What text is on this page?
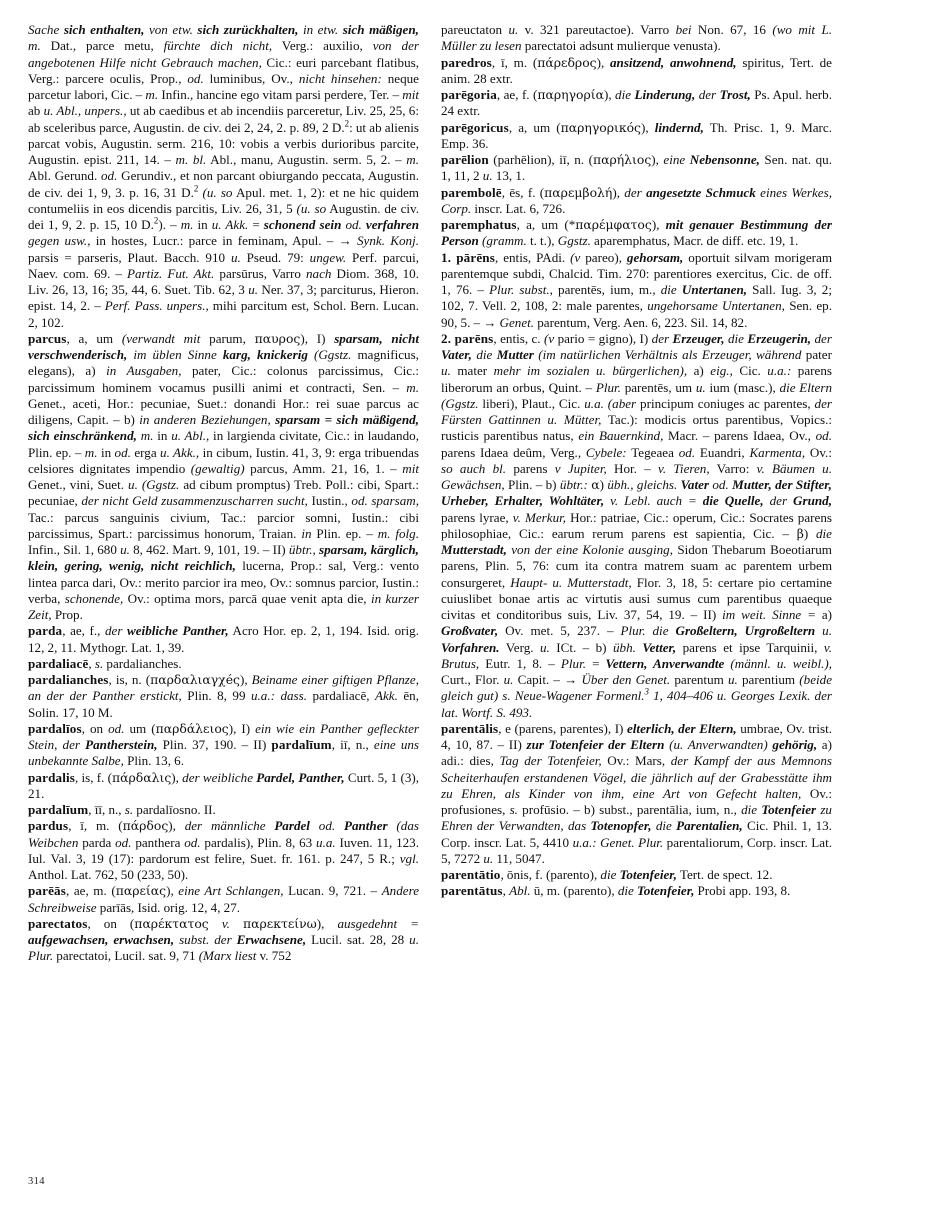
Sache sich enthalten, von etw. sich zurückhalten, in etw. sich mäßigen, m. Dat., parce metu, fürchte dich nicht, Verg.: auxilio, von der angebotenen Hilfe nicht Gebrauch machen, Cic.: euri parcebant flatibus, Verg.: parcere oculis, Prop., od. luminibus, Ov., nicht hinsehen: neque parcetur labori, Cic. – m. Infin., hancine ego vitam parsi perdere, Ter. – mit ab u. Abl., unpers., ut ab caedibus et ab incendiis parceretur, Liv. 25, 25, 6: ab sceleribus parce, Augustin. de civ. dei 2, 24, 2. p. 89, 2 D.$^2$: ut ab alienis parcat vobis, Augustin. serm. 216, 10: vobis a verbis durioribus parcite, Augustin. epist. 211, 14. – m. bl. Abl., manu, Augustin. serm. 5, 2. – m. Abl. Gerund. od. Gerundiv., et non parcant obiurgando peccata, Augustin. de civ. dei 1, 9, 3. p. 16, 31 D.$^2$ (u. so Apul. met. 1, 2): et ne hic quidem contumeliis in eos dicendis parcitis, Liv. 26, 31, 5 (u. so Augustin. de civ. dei 1, 9, 2. p. 15, 10 D.$^2$). – m. in u. Akk. = schonend sein od. verfahren gegen usw., in hostes, Lucr.: parce in feminam, Apul. – → Synk. Konj. parsis = parseris, Plaut. Bacch. 910 u. Pseud. 79: ungew. Perf. parcui, Naev. com. 69. – Partiz. Fut. Akt. parsūrus, Varro nach Diom. 368, 10. Liv. 26, 13, 16; 35, 44, 6. Suet. Tib. 62, 3 u. Ner. 37, 3; parciturus, Hieron. epist. 14, 2. – Perf. Pass. unpers., mihi parcitum est, Schol. Bern. Lucan. 2, 102.

parcus, a, um (verwandt mit parum, παυρος), I) sparsam, nicht verschwenderisch, im üblen Sinne karg, knickerig (Ggstz. magnificus, elegans), a) in Ausgaben, pater, Cic.: colonus parcissimus, Cic.: parcissimum hominem vocamus pusilli animi et contracti, Sen. – m. Genet., aceti, Hor.: pecuniae, Suet.: donandi Hor.: rei suae parcus ac diligens, Capit. – b) in anderen Beziehungen, sparsam = sich mäßigend, sich einschränkend, m. in u. Abl., in largienda civitate, Cic.: in laudando, Plin. ep. – m. in od. erga u. Akk., in cibum, Iustin. 41, 3, 9: erga tribuendas celsiores dignitates impendio (gewaltig) parcus, Amm. 21, 16, 1. – mit Genet., vini, Suet. u. (Ggstz. ad cibum promptus) Treb. Poll.: cibi, Spart.: pecuniae, der nicht Geld zusammenzuscharren sucht, Iustin., od. sparsam, Tac.: parcus sanguinis civium, Tac.: parcior somni, Iustin.: cibi parcissimus, Spart.: parcissimus honorum, Traian. in Plin. ep. – m. folg. Infin., Sil. 1, 680 u. 8, 462. Mart. 9, 101, 19. – II) übtr., sparsam, kärglich, klein, gering, wenig, nicht reichlich, lucerna, Prop.: sal, Verg.: vento lintea parca dari, Ov.: merito parcior ira meo, Ov.: somnus parcior, Iustin.: verba, schonende, Ov.: optima mors, parcā quae venit apta die, in kurzer Zeit, Prop.

parda, ae, f., der weibliche Panther, Acro Hor. ep. 2, 1, 194. Isid. orig. 12, 2, 11. Mythogr. Lat. 1, 39.

pardaliacē, s. pardalianches.

pardalianches, is, n. (παρδαλιαγχéς), Beiname einer giftigen Pflanze, an der der Panther erstickt, Plin. 8, 99 u.a.: dass. pardaliacē, Akk. ēn, Solin. 17, 10 M.

pardalīos, on od. um (παρδάλειος), I) ein wie ein Panther gefleckter Stein, der Pantherstein, Plin. 37, 190. – II) pardalīum, iī, n., eine uns unbekannte Salbe, Plin. 13, 6.

pardalis, is, f. (πάρδαλις), der weibliche Pardel, Panther, Curt. 5, 1 (3), 21.

pardalīum, īī, n., s. pardalīosno. II.

pardus, ī, m. (πάρδος), der männliche Pardel od. Panther (das Weibchen parda od. panthera od. pardalis), Plin. 8, 63 u.a. Iuven. 11, 123. Iul. Val. 3, 19 (17): pardorum est felire, Suet. fr. 161. p. 247, 5 R.; vgl. Anthol. Lat. 762, 50 (233, 50).

parēās, ae, m. (παρείας), eine Art Schlangen, Lucan. 9, 721. – Andere Schreibweise parīās, Isid. orig. 12, 4, 27.

parectatos, on (παρέκτατος v. παρεκτείνω), ausgedehnt = aufgewachsen, erwachsen, subst. der Erwachsene, Lucil. sat. 28, 28 u. Plur. parectatoi, Lucil. sat. 9, 71 (Marx liest v. 752

pareuctaton u. v. 321 pareutactoe). Varro bei Non. 67, 16 (wo mit L. Müller zu lesen parectatoi adsunt mulierque venusta).

paredros, ī, m. (πάρεδρος), ansitzend, anwohnend, spiritus, Tert. de anim. 28 extr.

parēgoria, ae, f. (παρηγορία), die Linderung, der Trost, Ps. Apul. herb. 24 extr.

parēgoricus, a, um (παρηγορικός), lindernd, Th. Prisc. 1, 9. Marc. Emp. 36.

parēlion (parhēlion), iī, n. (παρήλιος), eine Nebensonne, Sen. nat. qu. 1, 11, 2 u. 13, 1.

parembolē, ēs, f. (παρεμβολή), der angesetzte Schmuck eines Werkes, Corp. inscr. Lat. 6, 726.

paremphatus, a, um (*παρέμφατος), mit genauer Bestimmung der Person (gramm. t. t.), Ggstz. aparemphatus, Macr. de diff. etc. 19, 1.

1. pārēns, entis, PAdi. (v pareo), gehorsam, oportuit silvam morigeram parentemque subdi, Chalcid. Tim. 270: parentiores exercitus, Cic. de off. 1, 76. – Plur. subst., parentēs, ium, m., die Untertanen, Sall. Iug. 3, 2; 102, 7. Vell. 2, 108, 2: male parentes, ungehorsame Untertanen, Sen. ep. 90, 5. – → Genet. parentum, Verg. Aen. 6, 223. Sil. 14, 82.

2. parēns, entis, c. (v pario = gigno), I) der Erzeuger, die Erzeugerin, der Vater, die Mutter (im natürlichen Verhältnis als Erzeuger, während pater u. mater mehr im sozialen u. bürgerlichen), a) eig., Cic. u.a.: parens liberorum an orbus, Quint. – Plur. parentēs, um u. ium (masc.), die Eltern (Ggstz. liberi), Plaut., Cic. u.a. (aber principum coniuges ac parentes, der Fürsten Gattinnen u. Mütter, Tac.): modicis ortus parentibus, Vopics.: rusticis parentibus natus, ein Bauernkind, Macr. – parens Idaea, Ov., od. parens Idaea deûm, Verg., Cybele: Tegeaea od. Euandri, Karmenta, Ov.: so auch bl. parens v Jupiter, Hor. – v. Tieren, Varro: v. Bäumen u. Gewächsen, Plin. – b) übtr.: α) übh., gleichs. Vater od. Mutter, der Stifter, Urheber, Erhalter, Wohltäter, v. Lebl. auch = die Quelle, der Grund, parens lyrae, v. Merkur, Hor.: patriae, Cic.: operum, Cic.: Socrates parens philosophiae, Cic.: earum rerum parens est sapientia, Cic. – β) die Mutterstadt, von der eine Kolonie ausging, Sidon Thebarum Boeotiarum parens, Plin. 5, 76: cum ita contra matrem suam ac parentem urbem consurgeret, Haupt- u. Mutterstadt, Flor. 3, 18, 5: certare pio certamine cuiuslibet bonae artis ac virtutis ausi sumus cum parentibus quaeque civitas et conditoribus suis, Liv. 37, 54, 19. – II) im weit. Sinne = a) Großvater, Ov. met. 5, 237. – Plur. die Großeltern, Urgroßeltern u. Vorfahren. Verg. u. ICt. – b) übh. Vetter, parens et ipse Tarquinii, v. Brutus, Eutr. 1, 8. – Plur. = Vettern, Anverwandte (männl. u. weibl.), Curt., Flor. u. Capit. – → Über den Genet. parentum u. parentium (beide gleich gut) s. Neue-Wagener Formenl.$^3$ 1, 404–406 u. Georges Lexik. der lat. Wortf. S. 493.

parentālis, e (parens, parentes), I) elterlich, der Eltern, umbrae, Ov. trist. 4, 10, 87. – II) zur Totenfeier der Eltern (u. Anverwandten) gehörig, a) adi.: dies, Tag der Totenfeier, Ov.: Mars, der Kampf der aus Memnons Scheiterhaufen erstandenen Vögel, die jährlich auf der Grabesstätte ihm zu Ehren, als Kinder von ihm, eine Art von Gefecht halten, Ov.: profusiones, s. profūsio. – b) subst., parentālia, ium, n., die Totenfeier zu Ehren der Verwandten, das Totenopfer, die Parentalien, Cic. Phil. 1, 13. Corp. inscr. Lat. 5, 4410 u.a.: Genet. Plur. parentaliorum, Corp. inscr. Lat. 5, 7272 u. 11, 5047.

parentātio, ōnis, f. (parento), die Totenfeier, Tert. de spect. 12.

parentātus, Abl. ū, m. (parento), die Totenfeier, Probi app. 193, 8.

314
